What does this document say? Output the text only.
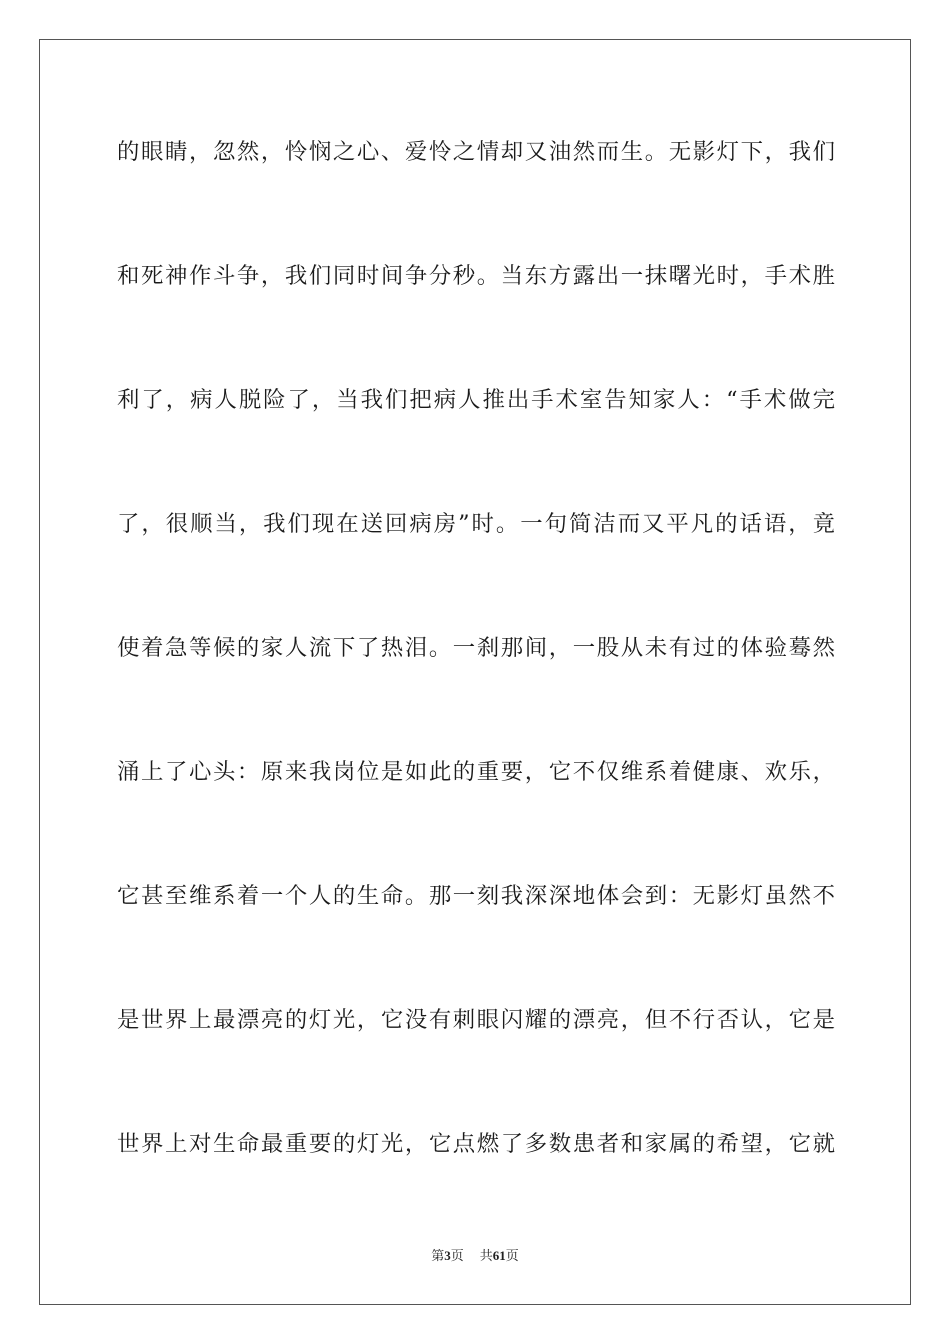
的眼睛，忽然，怜悯之心、爱怜之情却又油然而生。无影灯下，我们
和死神作斗争，我们同时间争分秒。当东方露出一抹曙光时，手术胜
利了，病人脱险了，当我们把病人推出手术室告知家人：“手术做完
了，很顺当，我们现在送回病房”时。一句简洁而又平凡的话语，竟
使着急等候的家人流下了热泪。一刹那间，一股从未有过的体验蓦然
涌上了心头：原来我岗位是如此的重要，它不仅维系着健康、欢乐，
它甚至维系着一个人的生命。那一刻我深深地体会到：无影灯虽然不
是世界上最漂亮的灯光，它没有刺眼闪耀的漂亮，但不行否认，它是
世界上对生命最重要的灯光，它点燃了多数患者和家属的希望，它就
第3页 共61页
